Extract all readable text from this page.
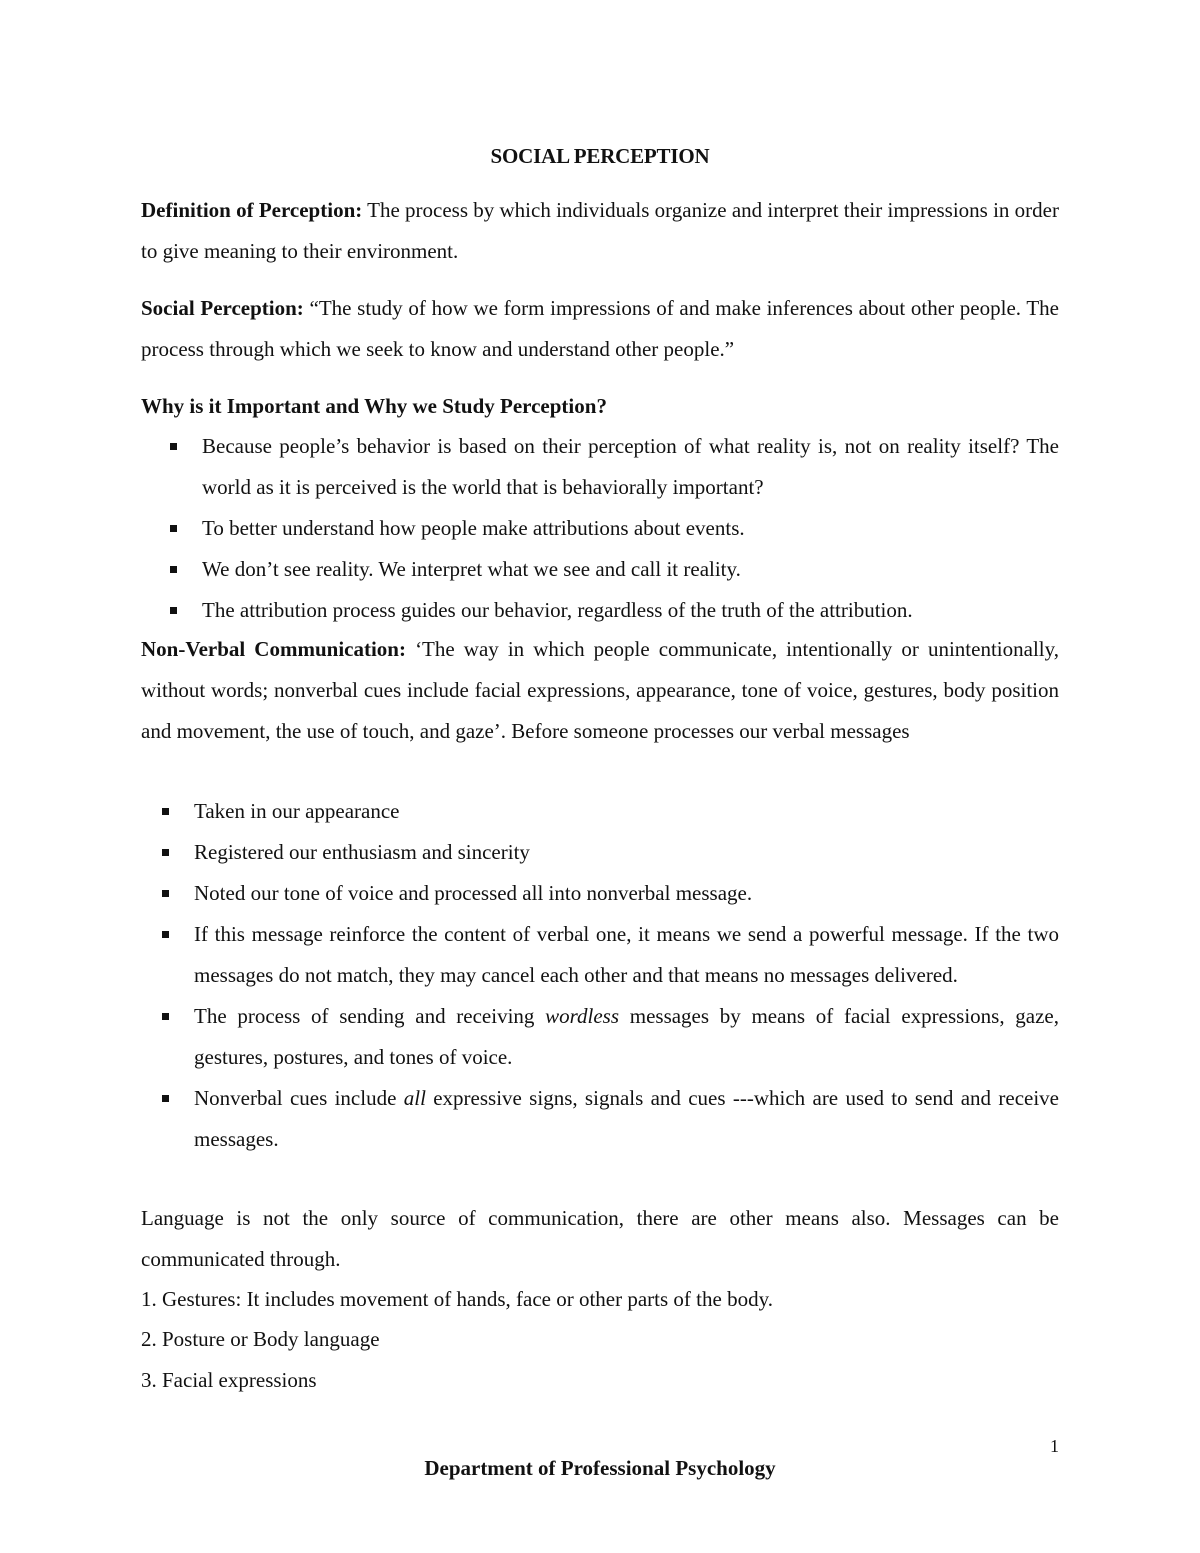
SOCIAL PERCEPTION

Definition of Perception: The process by which individuals organize and interpret their impressions in order to give meaning to their environment.

Social Perception: “The study of how we form impressions of and make inferences about other people. The process through which we seek to know and understand other people.”

Why is it Important and Why we Study Perception?
Because people’s behavior is based on their perception of what reality is, not on reality itself? The world as it is perceived is the world that is behaviorally important?
To better understand how people make attributions about events.
We don’t see reality. We interpret what we see and call it reality.
The attribution process guides our behavior, regardless of the truth of the attribution.

Non-Verbal Communication: ‘The way in which people communicate, intentionally or unintentionally, without words; nonverbal cues include facial expressions, appearance, tone of voice, gestures, body position and movement, the use of touch, and gaze’. Before someone processes our verbal messages

Taken in our appearance
Registered our enthusiasm and sincerity
Noted our tone of voice and processed all into nonverbal message.
If this message reinforce the content of verbal one, it means we send a powerful message. If the two messages do not match, they may cancel each other and that means no messages delivered.
The process of sending and receiving wordless messages by means of facial expressions, gaze, gestures, postures, and tones of voice.
Nonverbal cues include all expressive signs, signals and cues ---which are used to send and receive messages.

Language is not the only source of communication, there are other means also. Messages can be communicated through.

1. Gestures: It includes movement of hands, face or other parts of the body.
2. Posture or Body language
3. Facial expressions
1
Department of Professional Psychology
